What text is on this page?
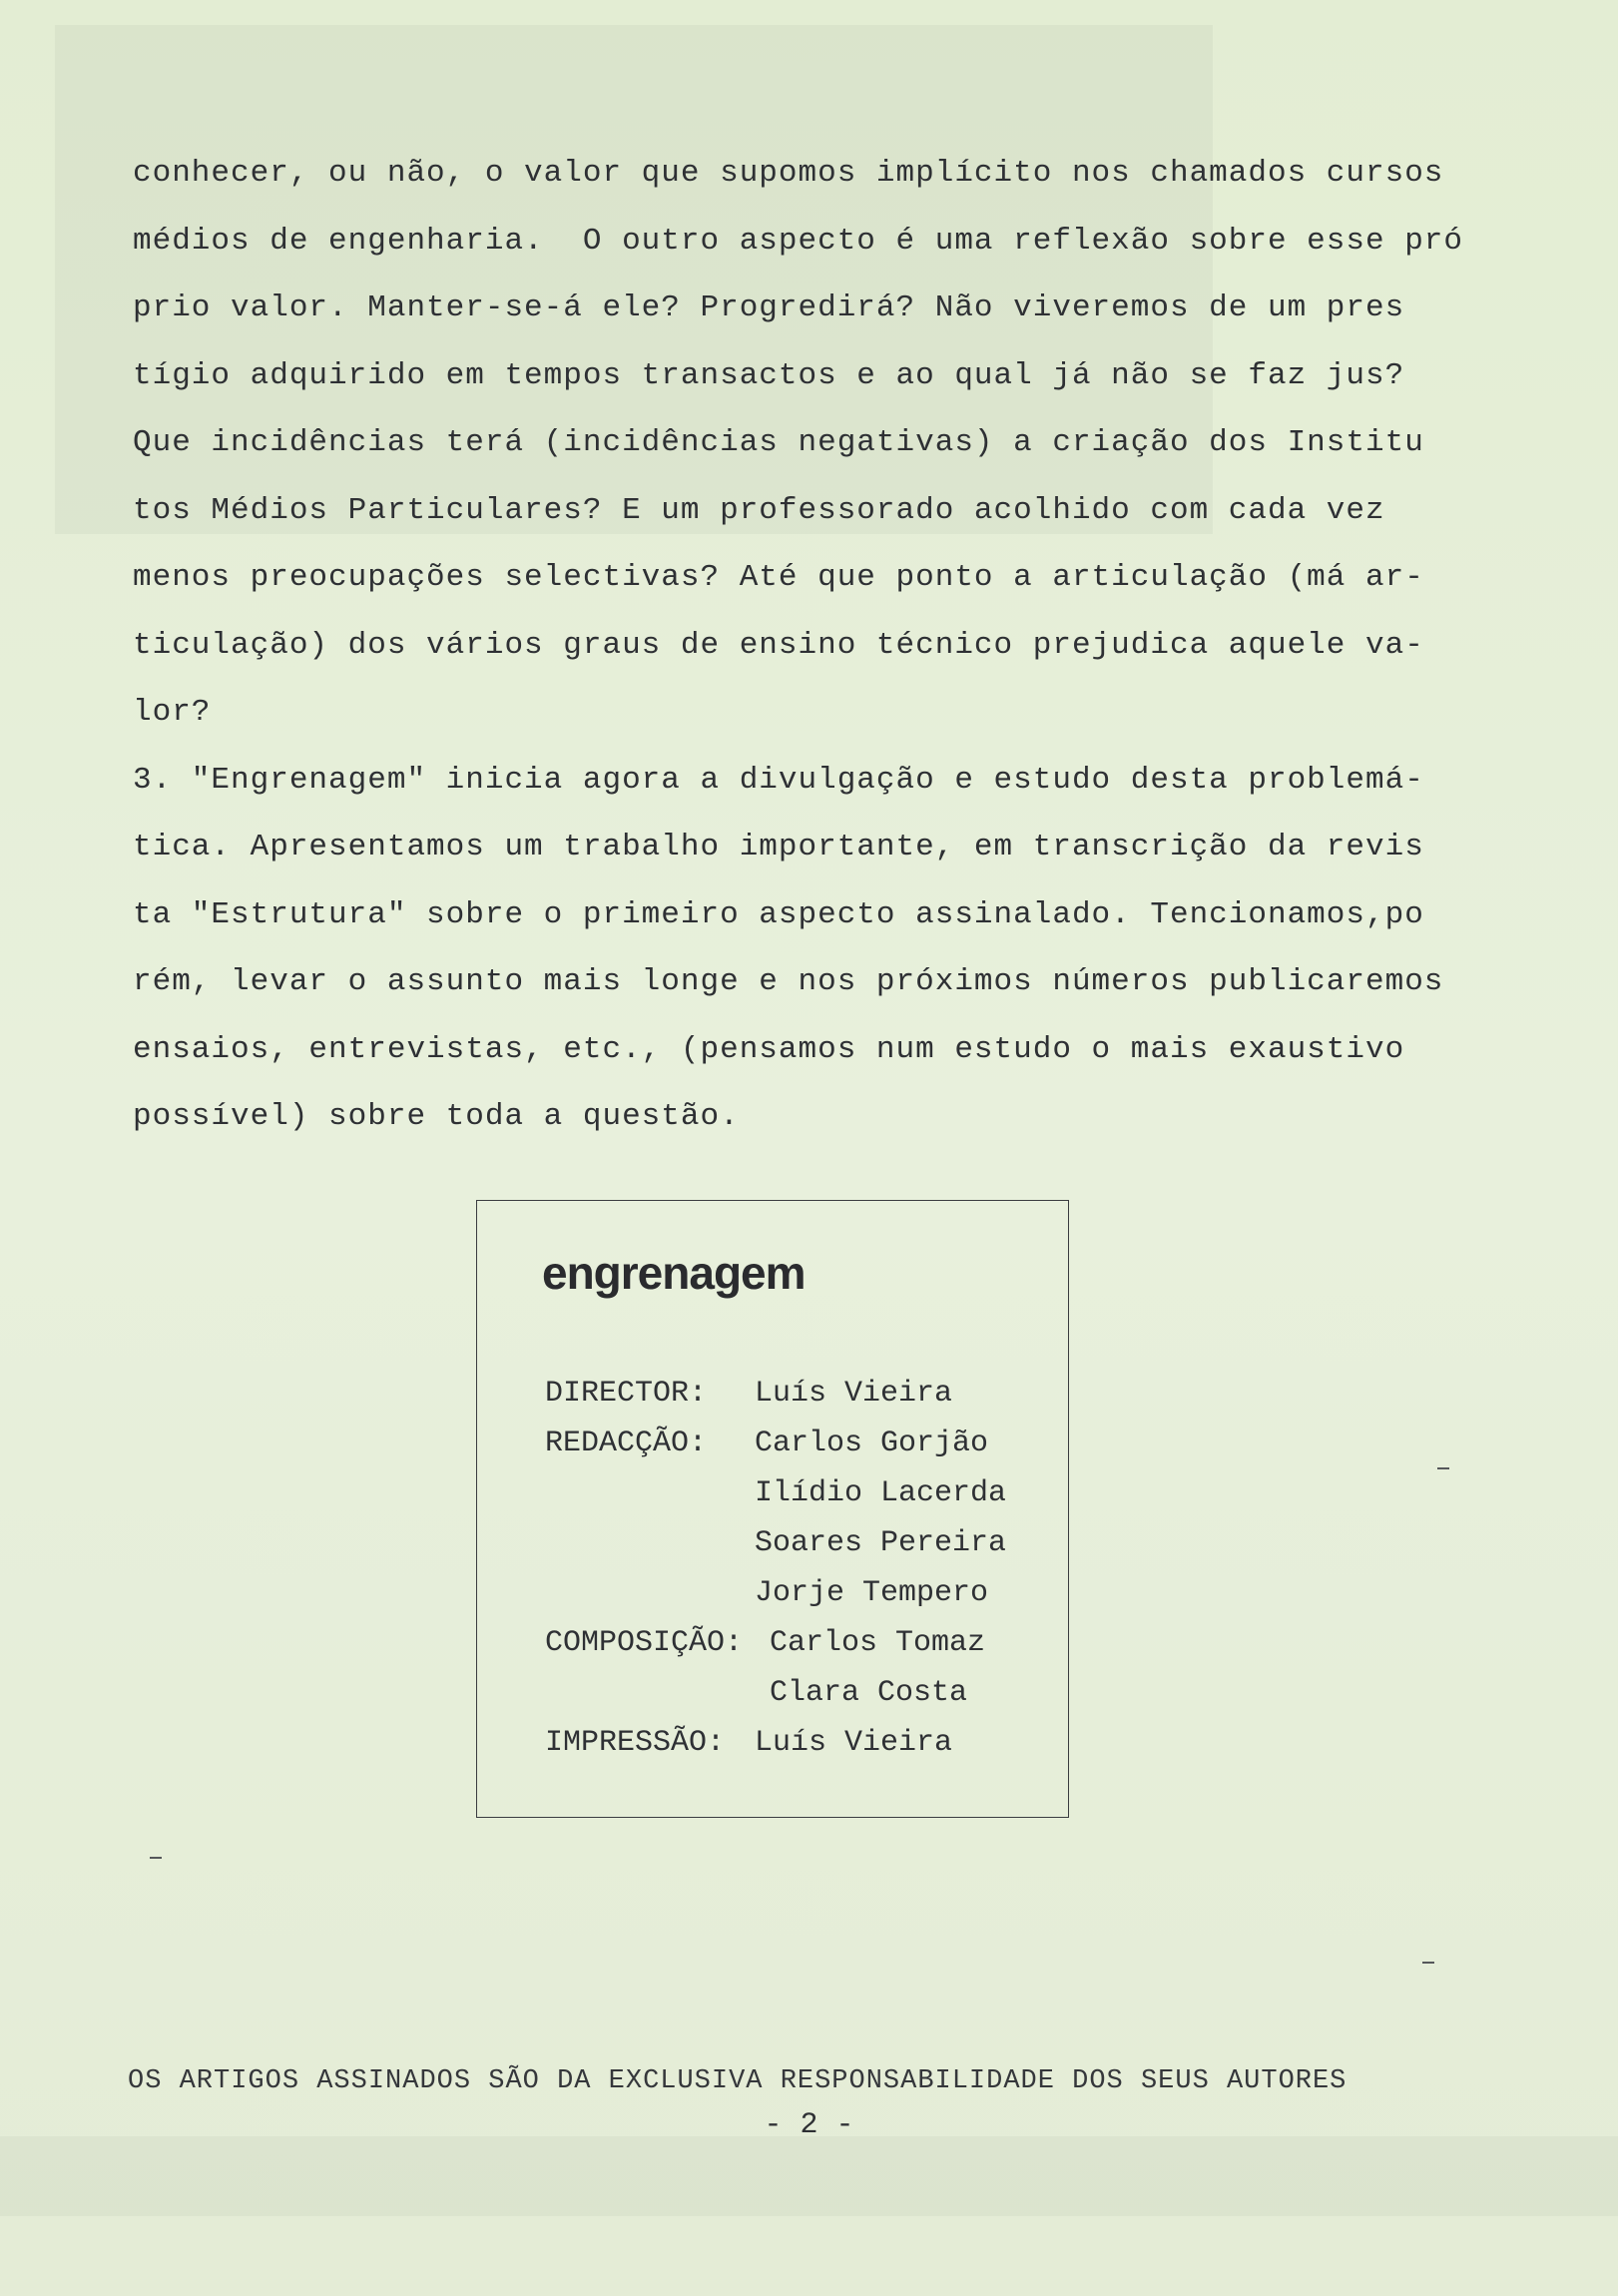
conhecer, ou não, o valor que supomos implícito nos chamados cursos
médios de engenharia.  O outro aspecto é uma reflexão sobre esse pró
prio valor. Manter-se-á ele? Progredirá? Não viveremos de um pres
tígio adquirido em tempos transactos e ao qual já não se faz jus?
Que incidências terá (incidências negativas) a criação dos Institu
tos Médios Particulares? E um professorado acolhido com cada vez
menos preocupações selectivas? Até que ponto a articulação (má ar-
ticulação) dos vários graus de ensino técnico prejudica aquele va-
lor?
3. "Engrenagem" inicia agora a divulgação e estudo desta problemá-
tica. Apresentamos um trabalho importante, em transcrição da revis
ta "Estrutura" sobre o primeiro aspecto assinalado. Tencionamos,po
rém, levar o assunto mais longe e nos próximos números publicaremos
ensaios, entrevistas, etc., (pensamos num estudo o mais exaustivo
possível) sobre toda a questão.
engrenagem
DIRECTOR:	Luís Vieira
REDACÇÃO:	Carlos Gorjão
Ilídio Lacerda
Soares Pereira
Jorje Tempero
COMPOSIÇÃO: Carlos Tomaz
Clara Costa
IMPRESSÃO: Luís Vieira
OS ARTIGOS ASSINADOS SÃO DA EXCLUSIVA RESPONSABILIDADE DOS SEUS AUTORES
- 2 -
